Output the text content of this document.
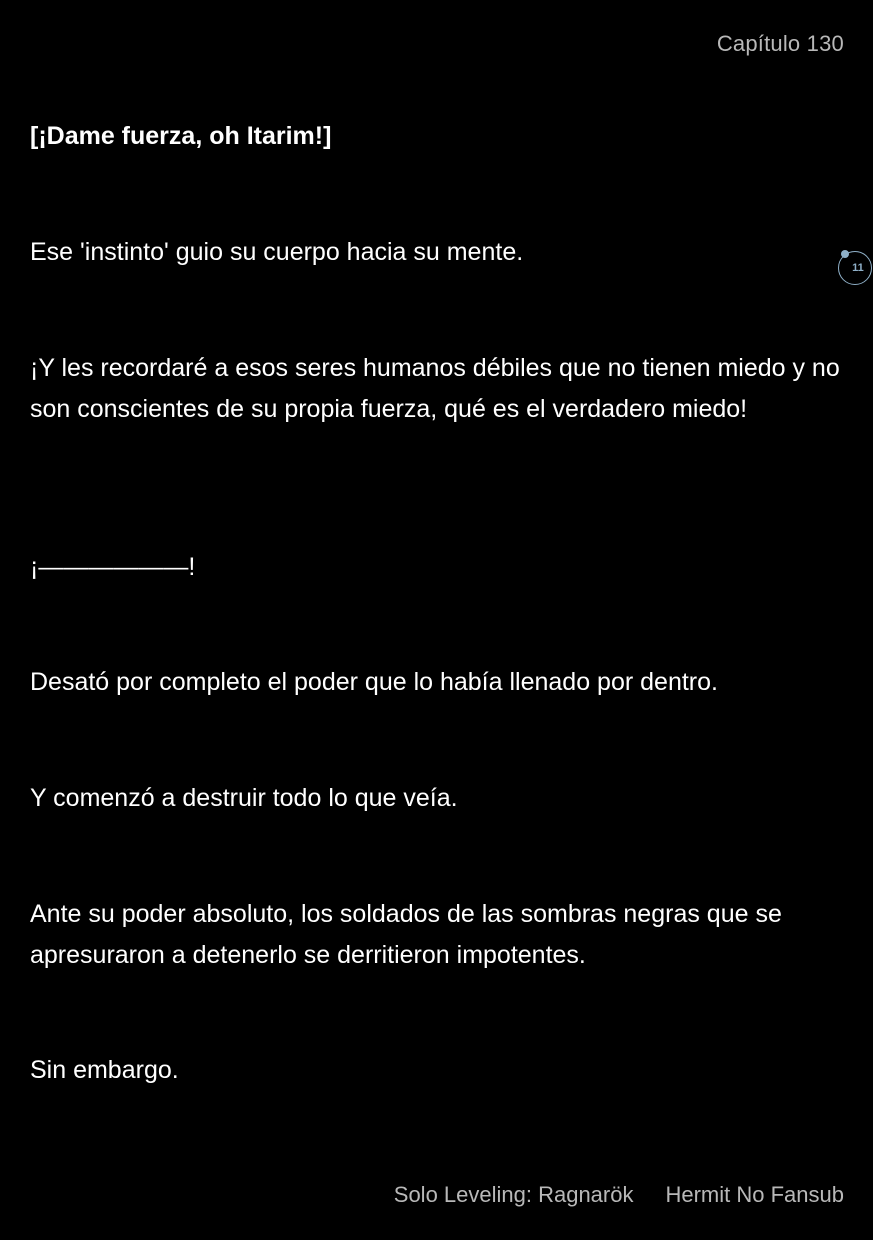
Capítulo 130

[¡Dame fuerza, oh Itarim!]

Ese 'instinto' guio su cuerpo hacia su mente.

¡Y les recordaré a esos seres humanos débiles que no tienen miedo y no son conscientes de su propia fuerza, qué es el verdadero miedo!

¡——————!

Desató por completo el poder que lo había llenado por dentro.

Y comenzó a destruir todo lo que veía.

Ante su poder absoluto, los soldados de las sombras negras que se apresuraron a detenerlo se derritieron impotentes.

Sin embargo.

11
Solo Leveling: Ragnarök Hermit No Fansub
